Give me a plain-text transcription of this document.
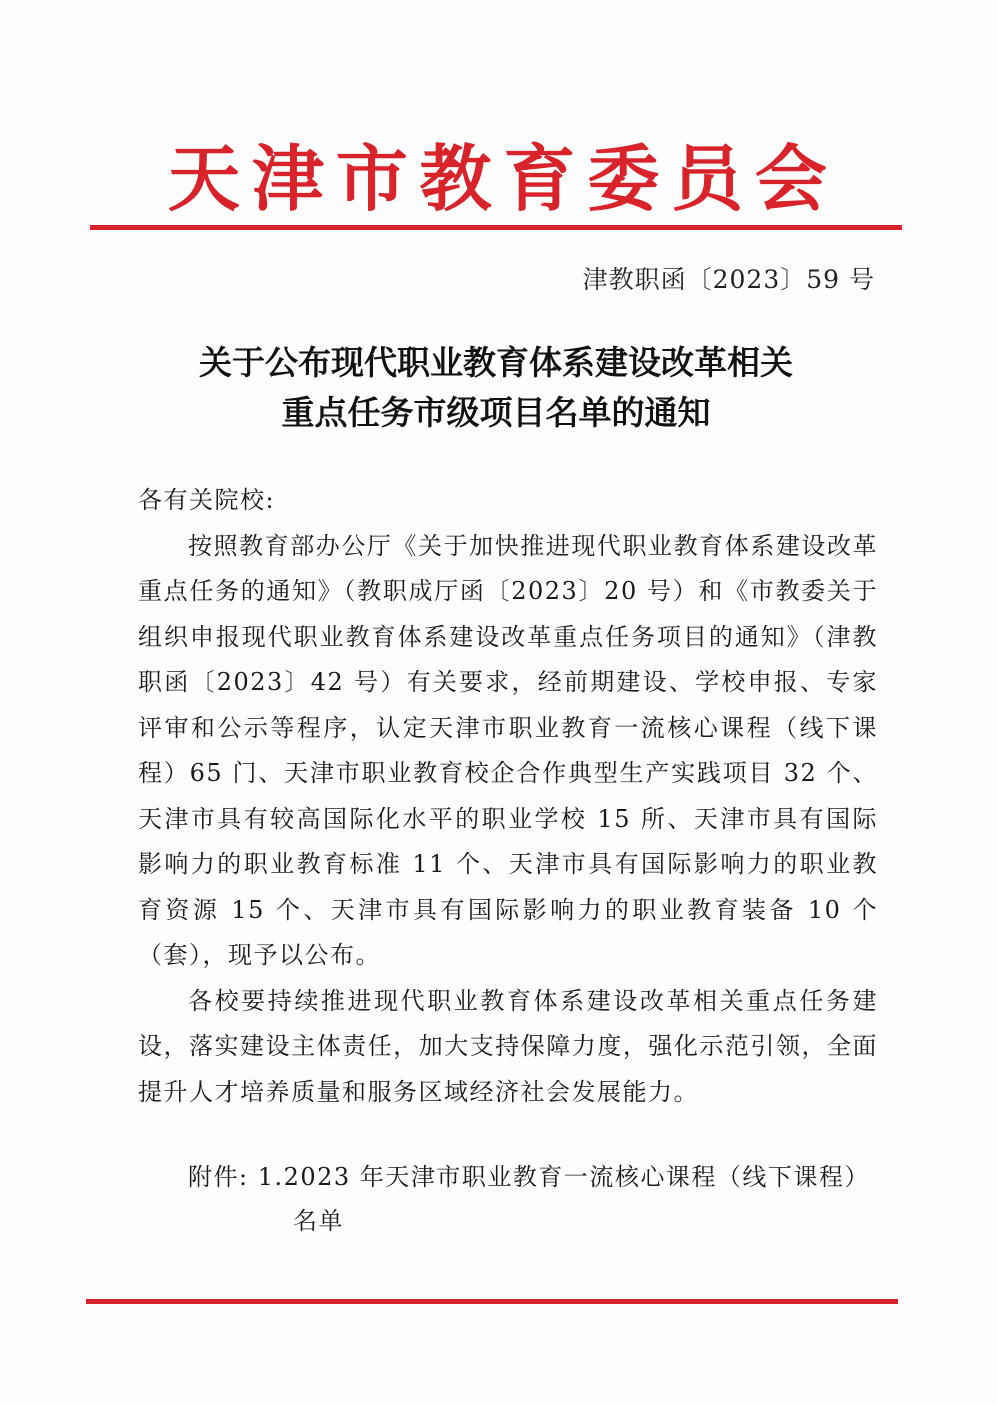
天 津 市 教 育 委 员 会
津教职函〔2023〕59 号
关于公布现代职业教育体系建设改革相关
重点任务市级项目名单的通知

各有关院校:

按照教育部办公厅《关于加快推进现代职业教育体系建设改革重点任务的通知》（教职成厅函〔2023〕20 号）和《市教委关于组织申报现代职业教育体系建设改革重点任务项目的通知》（津教职函〔2023〕42 号）有关要求，经前期建设、学校申报、专家评审和公示等程序，认定天津市职业教育一流核心课程（线下课程）65 门、天津市职业教育校企合作典型生产实践项目 32 个、天津市具有较高国际化水平的职业学校 15 所、天津市具有国际影响力的职业教育标准 11 个、天津市具有国际影响力的职业教育资源 15 个、天津市具有国际影响力的职业教育装备 10 个（套），现予以公布。

各校要持续推进现代职业教育体系建设改革相关重点任务建设，落实建设主体责任，加大支持保障力度，强化示范引领，全面提升人才培养质量和服务区域经济社会发展能力。

附件: 1.2023 年天津市职业教育一流核心课程（线下课程）
名单
